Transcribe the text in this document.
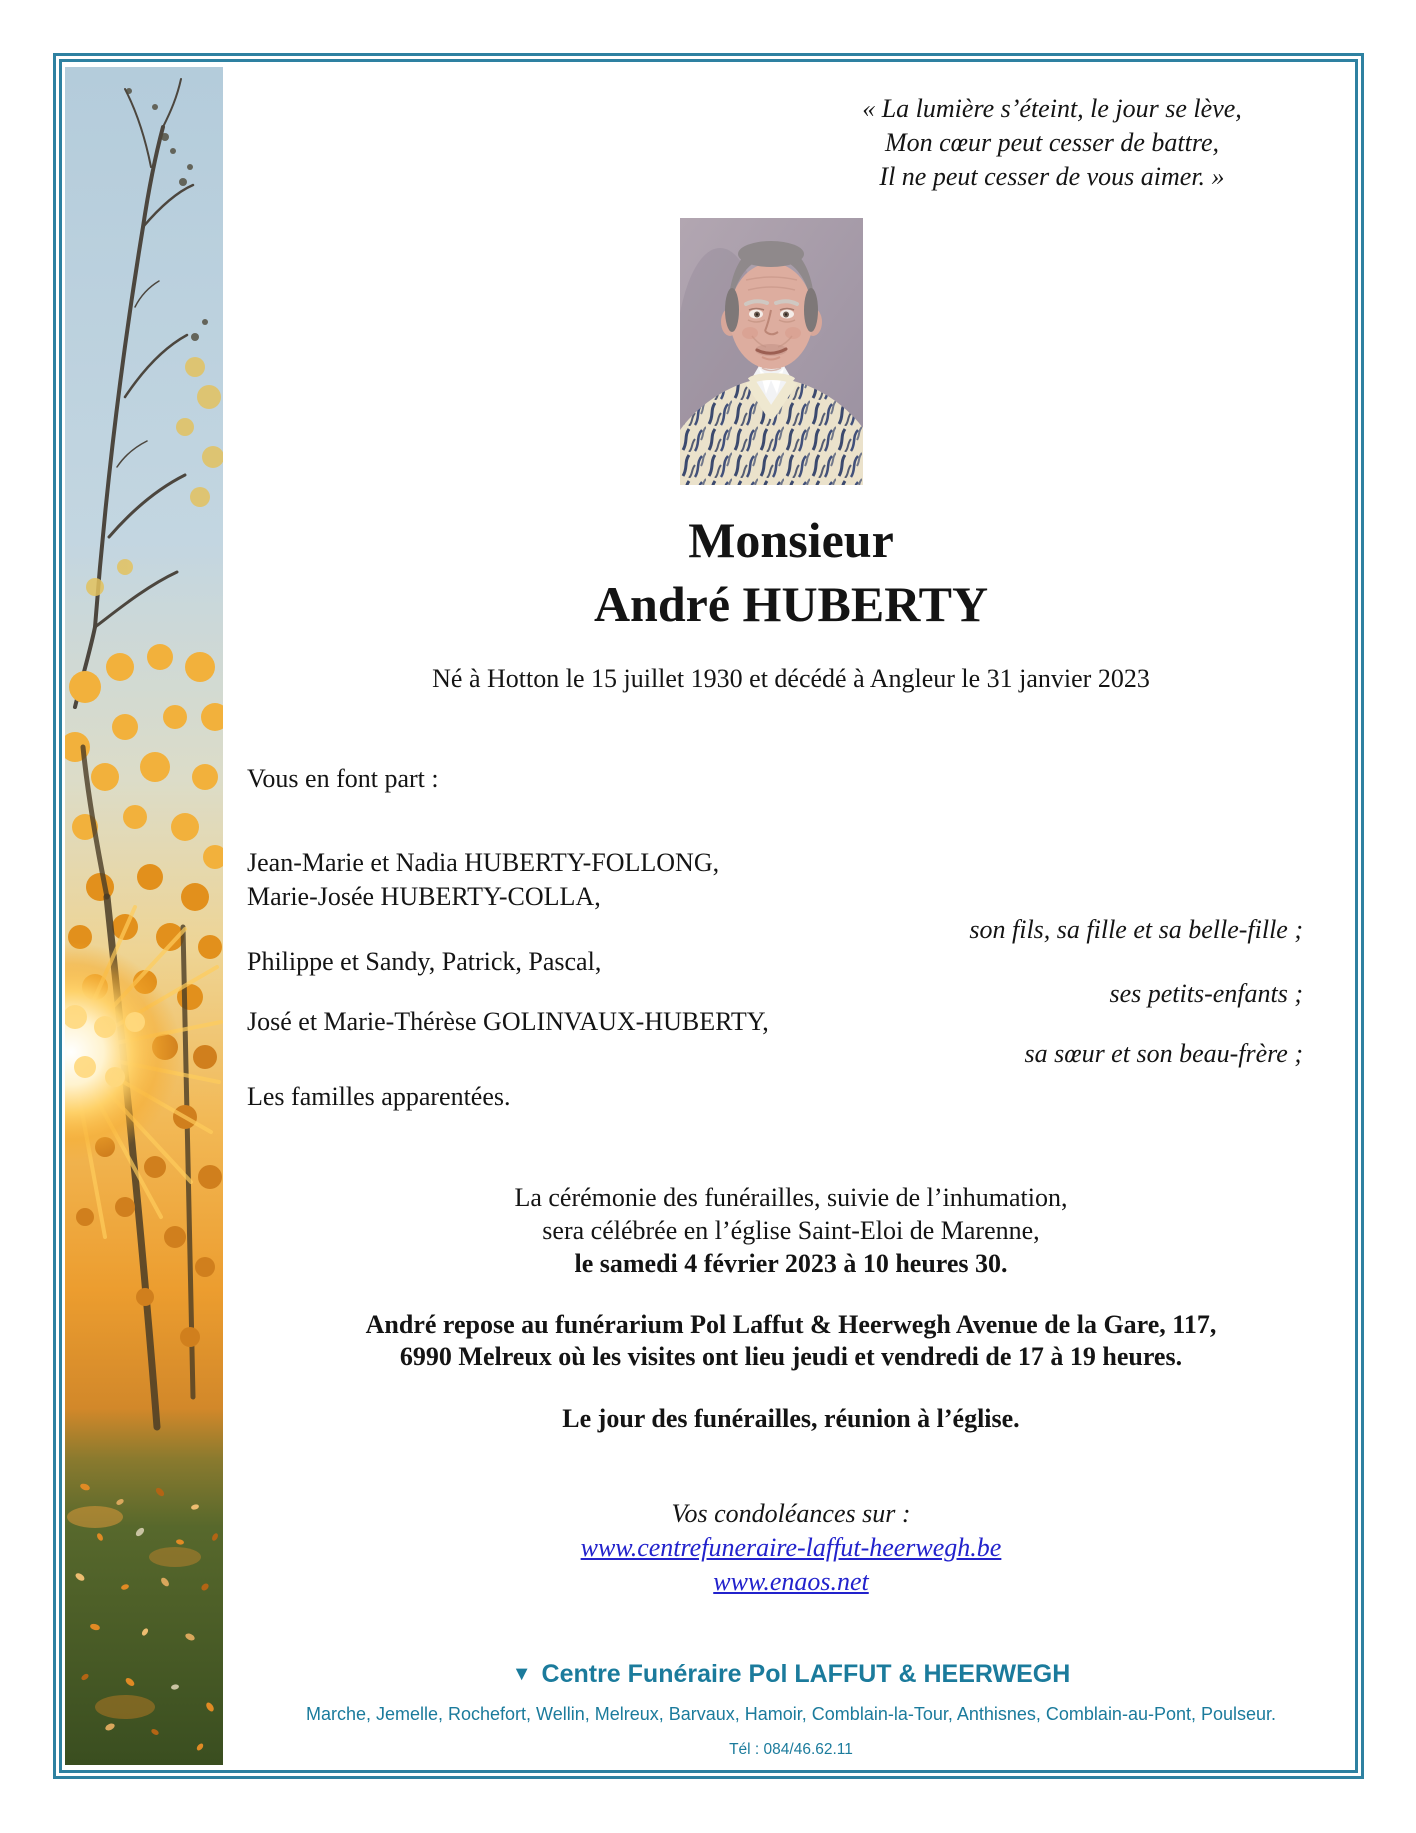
« La lumière s’éteint, le jour se lève,
Mon cœur peut cesser de battre,
Il ne peut cesser de vous aimer. »
Monsieur
André HUBERTY
Né à Hotton le 15 juillet 1930 et décédé à Angleur le 31 janvier 2023
Vous en font part :
Jean-Marie et Nadia HUBERTY-FOLLONG,
Marie-Josée HUBERTY-COLLA,
son fils, sa fille et sa belle-fille ;
Philippe et Sandy, Patrick, Pascal,
ses petits-enfants ;
José et Marie-Thérèse GOLINVAUX-HUBERTY,
sa sœur et son beau-frère ;
Les familles apparentées.
La cérémonie des funérailles, suivie de l’inhumation,
sera célébrée en l’église Saint-Eloi de Marenne,
le samedi 4 février 2023 à 10 heures 30.
André repose au funérarium Pol Laffut & Heerwegh Avenue de la Gare, 117,
6990 Melreux où les visites ont lieu jeudi et vendredi de 17 à 19 heures.
Le jour des funérailles, réunion à l’église.
Vos condoléances sur :
www.centrefuneraire-laffut-heerwegh.be
www.enaos.net
▼ Centre Funéraire Pol LAFFUT & HEERWEGH
Marche, Jemelle, Rochefort, Wellin, Melreux, Barvaux, Hamoir, Comblain-la-Tour, Anthisnes, Comblain-au-Pont, Poulseur.
Tél : 084/46.62.11
